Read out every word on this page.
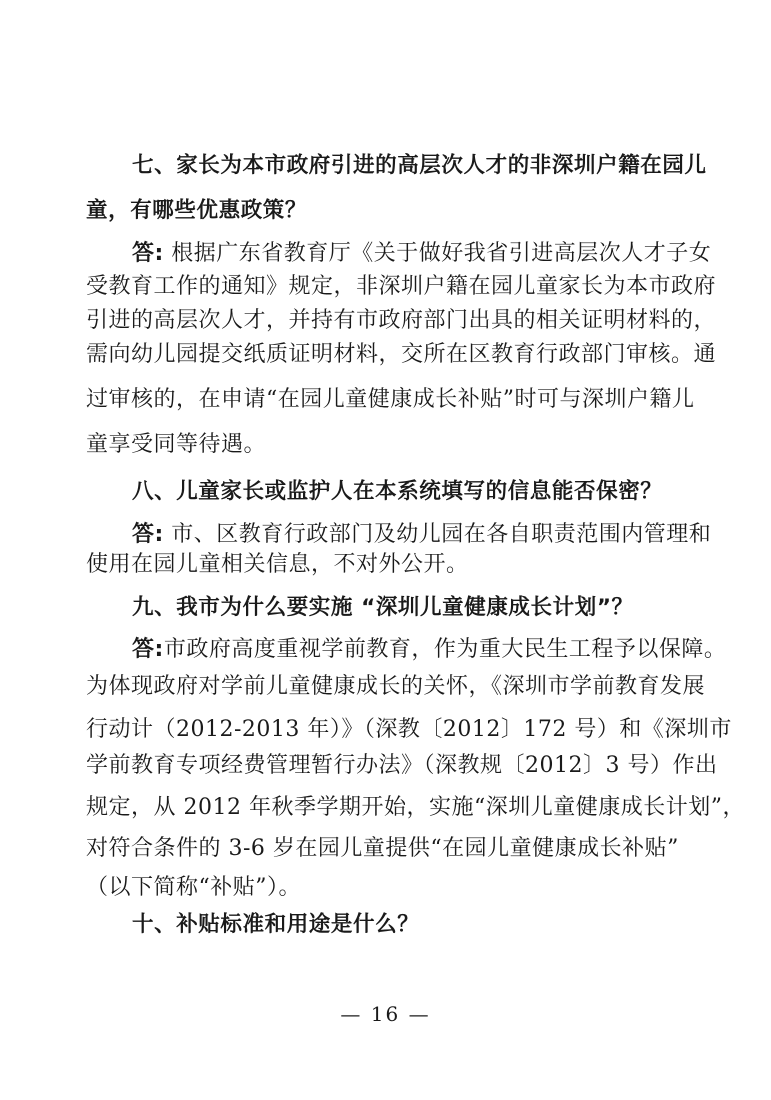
七、家长为本市政府引进的高层次人才的非深圳户籍在园儿
童，有哪些优惠政策？
答: 根据广东省教育厅《关于做好我省引进高层次人才子女
受教育工作的通知》规定，非深圳户籍在园儿童家长为本市政府
引进的高层次人才，并持有市政府部门出具的相关证明材料的，
需向幼儿园提交纸质证明材料，交所在区教育行政部门审核。通
过审核的，在申请“在园儿童健康成长补贴”时可与深圳户籍儿
童享受同等待遇。
八、儿童家长或监护人在本系统填写的信息能否保密？
答: 市、区教育行政部门及幼儿园在各自职责范围内管理和
使用在园儿童相关信息，不对外公开。
九、我市为什么要实施 “深圳儿童健康成长计划”？
答:市政府高度重视学前教育，作为重大民生工程予以保障。
为体现政府对学前儿童健康成长的关怀，《深圳市学前教育发展
行动计（2012-2013 年）》（深教〔2012〕172 号）和《深圳市
学前教育专项经费管理暂行办法》（深教规〔2012〕3 号）作出
规定，从 2012 年秋季学期开始，实施“深圳儿童健康成长计划”，
对符合条件的 3-6 岁在园儿童提供“在园儿童健康成长补贴”
（以下简称“补贴”）。
十、补贴标准和用途是什么？
— 16 —
